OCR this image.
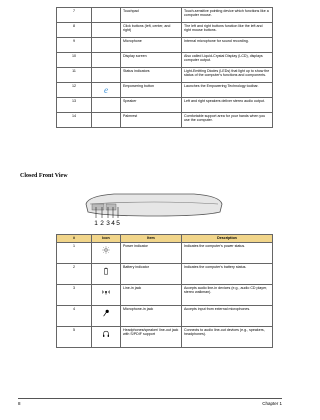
7		Touchpad	Touch-sensitive pointing device which functions like a computer mouse.
8		Click buttons (left, center, and right)	The left and right buttons function like the left and right mouse buttons.
9		Microphone	Internal microphone for sound recording.
10		Display screen	Also called Liquid-Crystal Display (LCD), displays computer output.
11		Status indicators	Light-Emitting Diodes (LEDs) that light up to show the status of the computer's functions and components.
12	e	Empowering button	Launches the Empowering Technology toolbar.
13		Speaker	Left and right speakers deliver stereo audio output.
14		Palmrest	Comfortable support area for your hands when you use the computer.
Closed Front View
1 2 3 4 5
#	Icon	Item	Description
1		Power indicator	Indicates the computer's power status.
2		Battery indicator	Indicates the computer's battery status.
3		Line-in jack	Accepts audio line-in devices (e.g., audio CD player, stereo walkman).
4		Microphone-in jack	Accepts input from external microphones.
5		Headphones/speaker/ line-out jack with S/PDIF support	Connects to audio line-out devices (e.g., speakers, headphones).
8	Chapter 1
